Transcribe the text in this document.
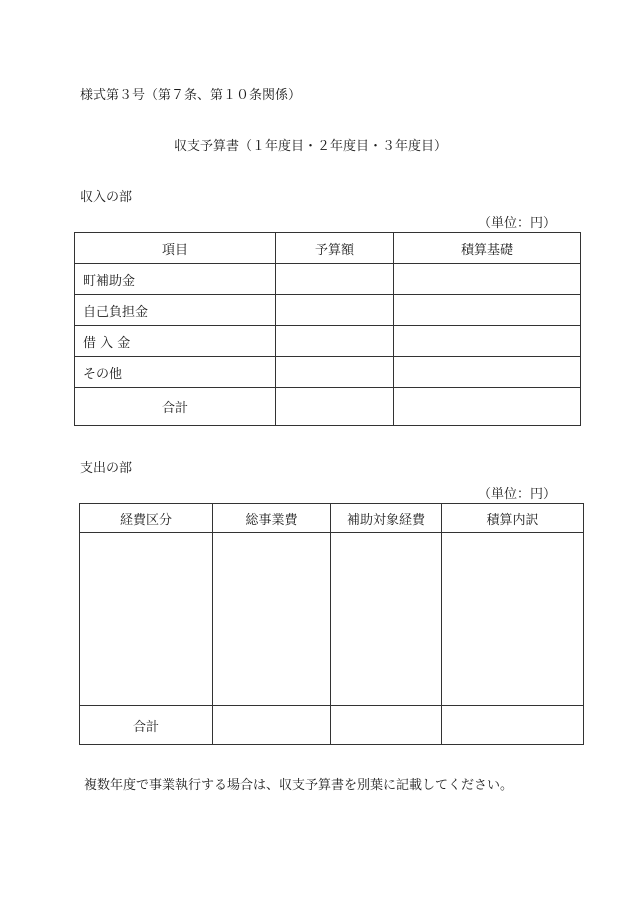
様式第３号（第７条、第１０条関係）
収支予算書（１年度目・２年度目・３年度目）
収入の部
（単位：円）
項目	予算額	積算基礎
町補助金		
自己負担金		
借 入 金		
その他		
合計		
支出の部
（単位：円）
経費区分	総事業費	補助対象経費	積算内訳

合計			
複数年度で事業執行する場合は、収支予算書を別葉に記載してください。
